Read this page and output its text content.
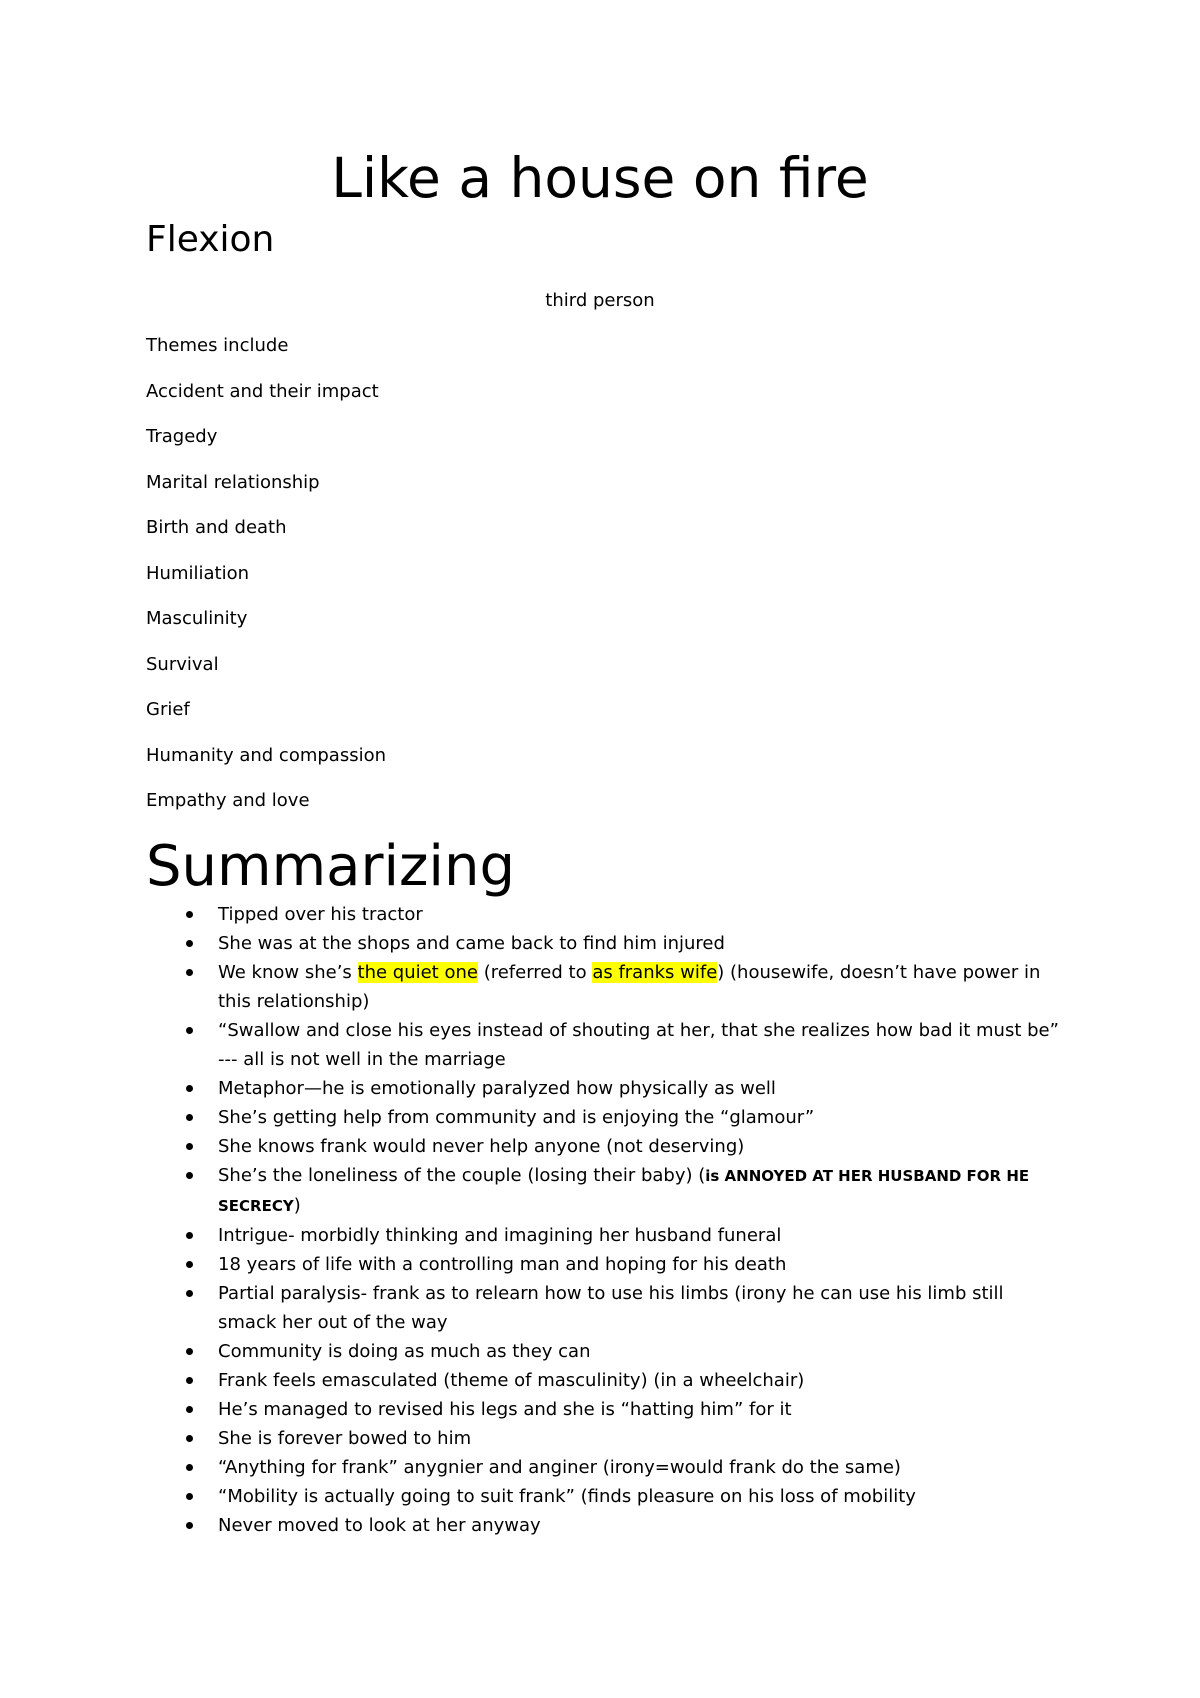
Like a house on fire
Flexion

third person

Themes include

Accident and their impact

Tragedy

Marital relationship

Birth and death

Humiliation

Masculinity

Survival

Grief

Humanity and compassion

Empathy and love

Summarizing
Tipped over his tractor
She was at the shops and came back to find him injured
We know she’s the quiet one (referred to as franks wife) (housewife, doesn’t have power in this relationship)
“Swallow and close his eyes instead of shouting at her, that she realizes how bad it must be” --- all is not well in the marriage
Metaphor—he is emotionally paralyzed how physically as well
She’s getting help from community and is enjoying the “glamour”
She knows frank would never help anyone (not deserving)
She’s the loneliness of the couple (losing their baby) (is ANNOYED AT HER HUSBAND FOR HE SECRECY)
Intrigue- morbidly thinking and imagining her husband funeral
18 years of life with a controlling man and hoping for his death
Partial paralysis- frank as to relearn how to use his limbs (irony he can use his limb still smack her out of the way
Community is doing as much as they can
Frank feels emasculated (theme of masculinity) (in a wheelchair)
He’s managed to revised his legs and she is “hatting him” for it
She is forever bowed to him
“Anything for frank” anygnier and anginer (irony=would frank do the same)
“Mobility is actually going to suit frank” (finds pleasure on his loss of mobility
Never moved to look at her anyway
